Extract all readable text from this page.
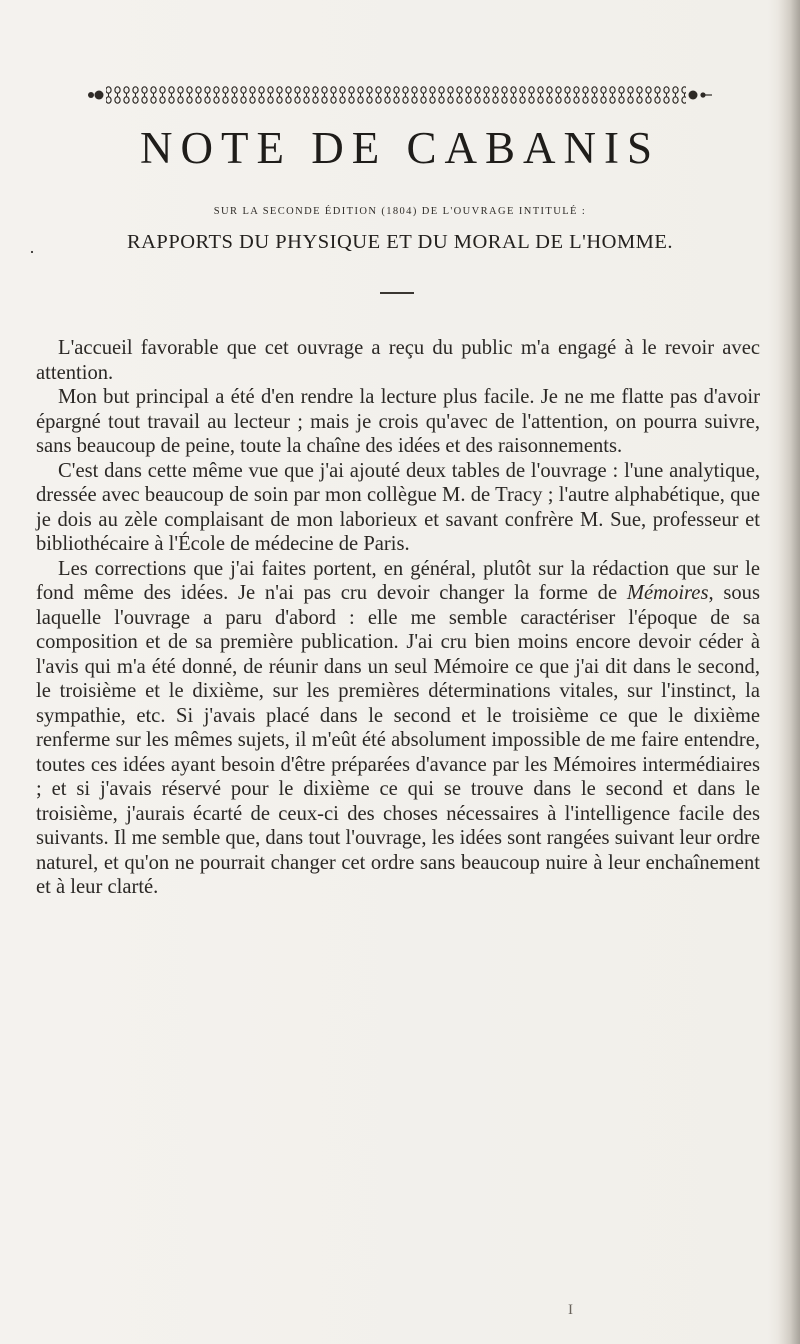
NOTE DE CABANIS
SUR LA SECONDE ÉDITION (1804) DE L'OUVRAGE INTITULÉ :
·	RAPPORTS DU PHYSIQUE ET DU MORAL DE L'HOMME.

L'accueil favorable que cet ouvrage a reçu du public m'a engagé à le revoir avec attention.

Mon but principal a été d'en rendre la lecture plus facile. Je ne me flatte pas d'avoir épargné tout travail au lecteur ; mais je crois qu'avec de l'attention, on pourra suivre, sans beaucoup de peine, toute la chaîne des idées et des raisonnements.

C'est dans cette même vue que j'ai ajouté deux tables de l'ouvrage : l'une analytique, dressée avec beaucoup de soin par mon collègue M. de Tracy ; l'autre alphabétique, que je dois au zèle complaisant de mon laborieux et savant confrère M. Sue, professeur et bibliothécaire à l'École de médecine de Paris.

Les corrections que j'ai faites portent, en général, plutôt sur la rédaction que sur le fond même des idées. Je n'ai pas cru devoir changer la forme de Mémoires, sous laquelle l'ouvrage a paru d'abord : elle me semble caractériser l'époque de sa composition et de sa première publication. J'ai cru bien moins encore devoir céder à l'avis qui m'a été donné, de réunir dans un seul Mémoire ce que j'ai dit dans le second, le troisième et le dixième, sur les premières déterminations vitales, sur l'instinct, la sympathie, etc. Si j'avais placé dans le second et le troisième ce que le dixième renferme sur les mêmes sujets, il m'eût été absolument impossible de me faire entendre, toutes ces idées ayant besoin d'être préparées d'avance par les Mémoires intermédiaires ; et si j'avais réservé pour le dixième ce qui se trouve dans le second et dans le troisième, j'aurais écarté de ceux-ci des choses nécessaires à l'intelligence facile des suivants. Il me semble que, dans tout l'ouvrage, les idées sont rangées suivant leur ordre naturel, et qu'on ne pourrait changer cet ordre sans beaucoup nuire à leur enchaînement et à leur clarté.

I
